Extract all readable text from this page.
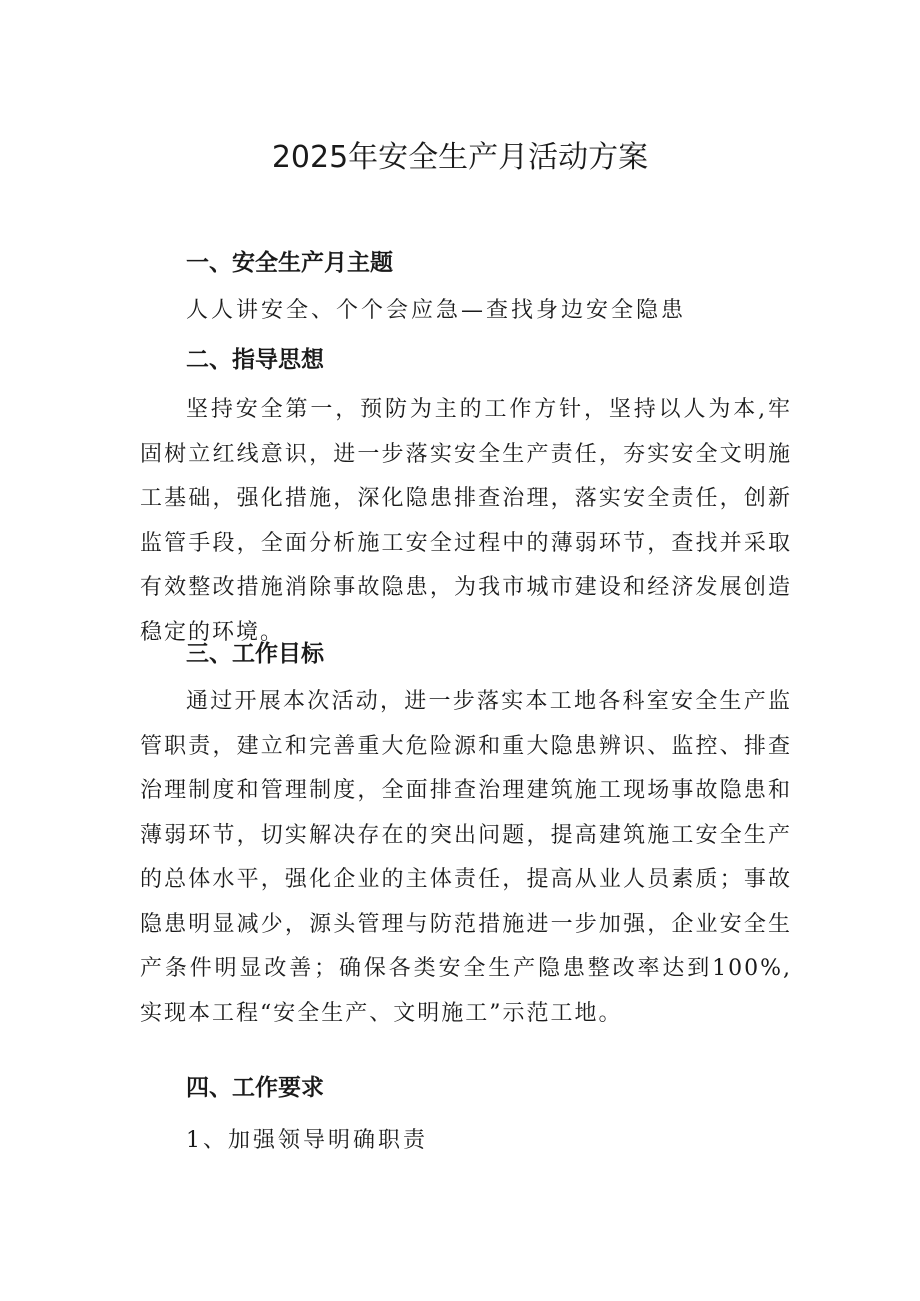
2025年安全生产月活动方案
一、安全生产月主题

人人讲安全、个个会应急—查找身边安全隐患

二、指导思想

坚持安全第一，预防为主的工作方针，坚持以人为本,牢固树立红线意识，进一步落实安全生产责任，夯实安全文明施工基础，强化措施，深化隐患排查治理，落实安全责任，创新监管手段，全面分析施工安全过程中的薄弱环节，查找并采取有效整改措施消除事故隐患，为我市城市建设和经济发展创造稳定的环境。

三、工作目标

通过开展本次活动，进一步落实本工地各科室安全生产监管职责，建立和完善重大危险源和重大隐患辨识、监控、排查治理制度和管理制度，全面排查治理建筑施工现场事故隐患和薄弱环节，切实解决存在的突出问题，提高建筑施工安全生产的总体水平，强化企业的主体责任，提高从业人员素质；事故隐患明显减少，源头管理与防范措施进一步加强，企业安全生产条件明显改善；确保各类安全生产隐患整改率达到100%,实现本工程“安全生产、文明施工”示范工地。

四、工作要求

1、加强领导明确职责
